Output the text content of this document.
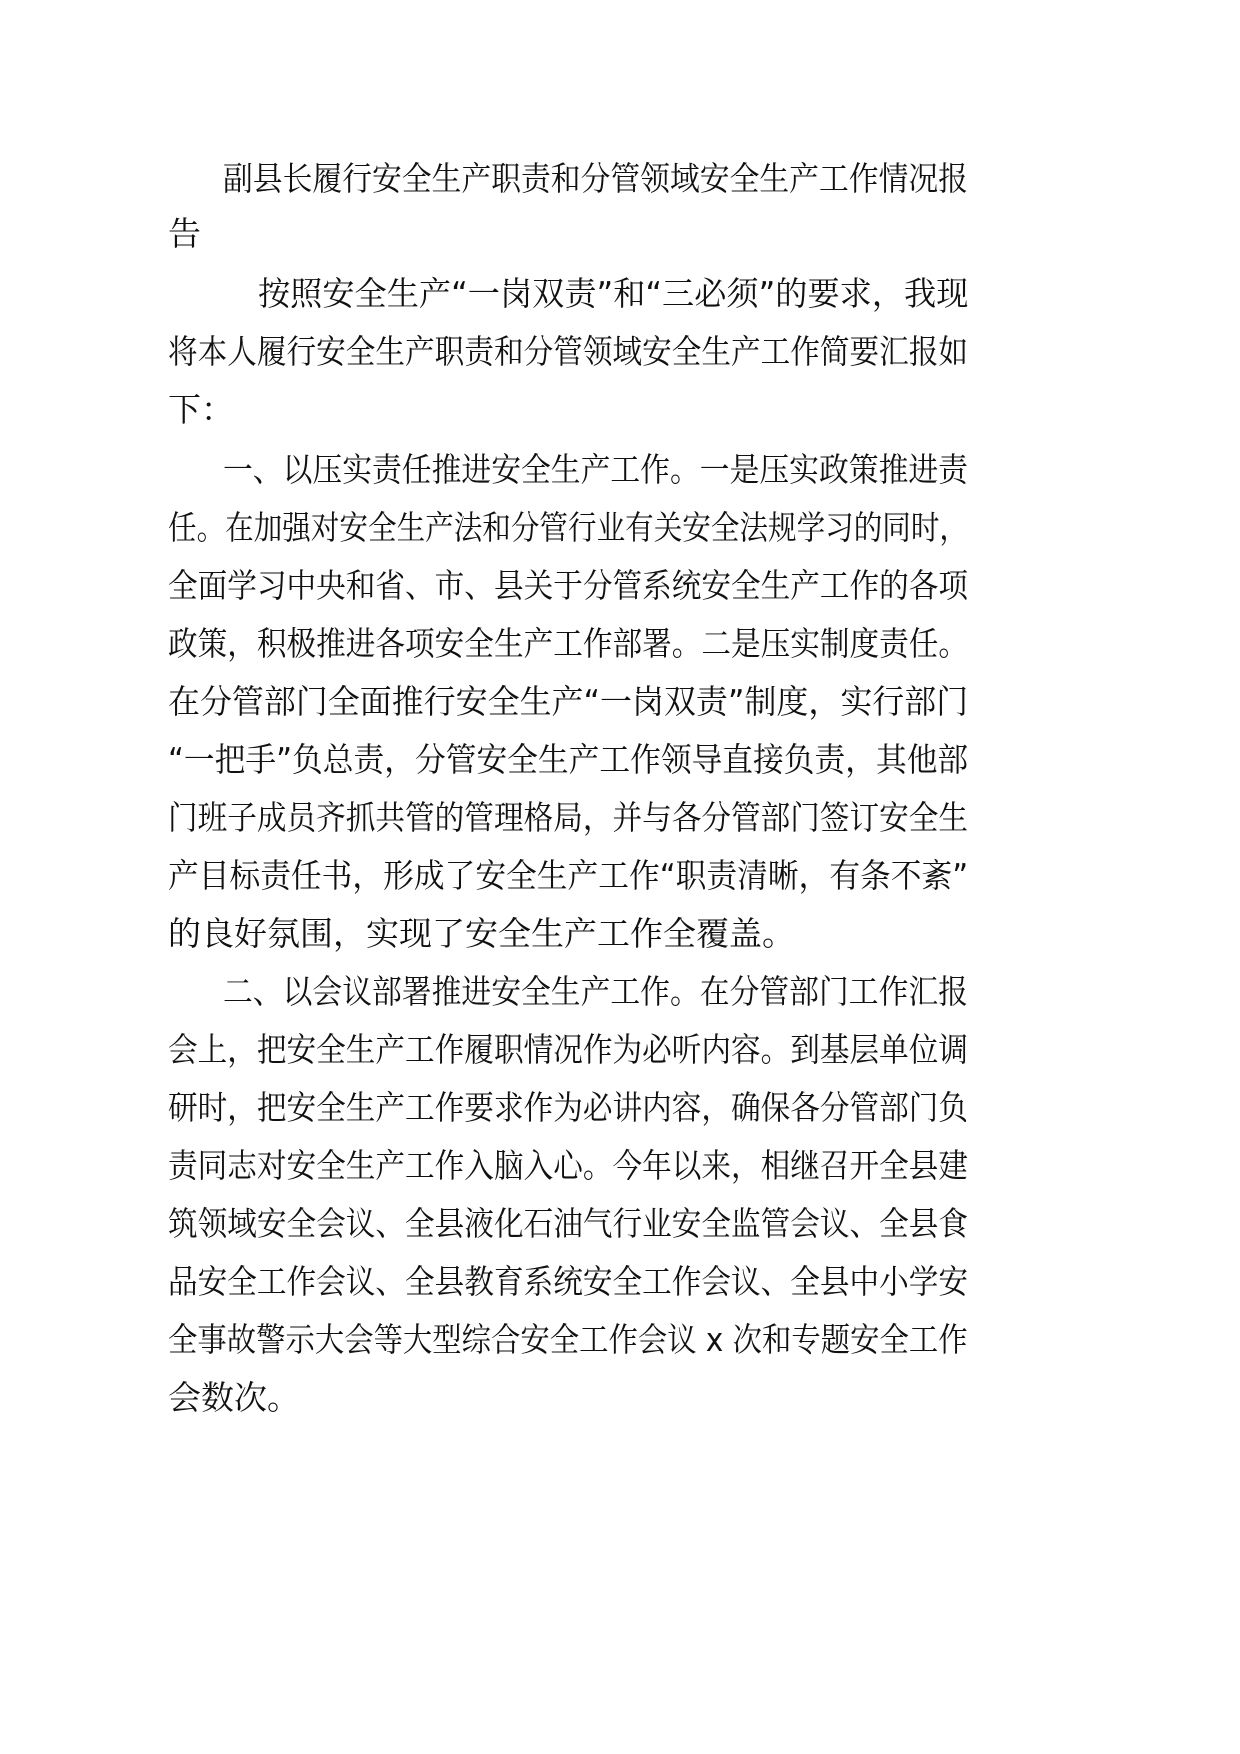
副县长履行安全生产职责和分管领域安全生产工作情况报

告

按照安全生产“一岗双责”和“三必须”的要求，我现

将本人履行安全生产职责和分管领域安全生产工作简要汇报如

下：

一、以压实责任推进安全生产工作。一是压实政策推进责

任。在加强对安全生产法和分管行业有关安全法规学习的同时，

全面学习中央和省、市、县关于分管系统安全生产工作的各项

政策，积极推进各项安全生产工作部署。二是压实制度责任。

在分管部门全面推行安全生产“一岗双责”制度，实行部门

“一把手”负总责，分管安全生产工作领导直接负责，其他部

门班子成员齐抓共管的管理格局，并与各分管部门签订安全生

产目标责任书，形成了安全生产工作“职责清晰，有条不紊”

的良好氛围，实现了安全生产工作全覆盖。

二、以会议部署推进安全生产工作。在分管部门工作汇报

会上，把安全生产工作履职情况作为必听内容。到基层单位调

研时，把安全生产工作要求作为必讲内容，确保各分管部门负

责同志对安全生产工作入脑入心。今年以来，相继召开全县建

筑领域安全会议、全县液化石油气行业安全监管会议、全县食

品安全工作会议、全县教育系统安全工作会议、全县中小学安

全事故警示大会等大型综合安全工作会议 x 次和专题安全工作

会数次。
